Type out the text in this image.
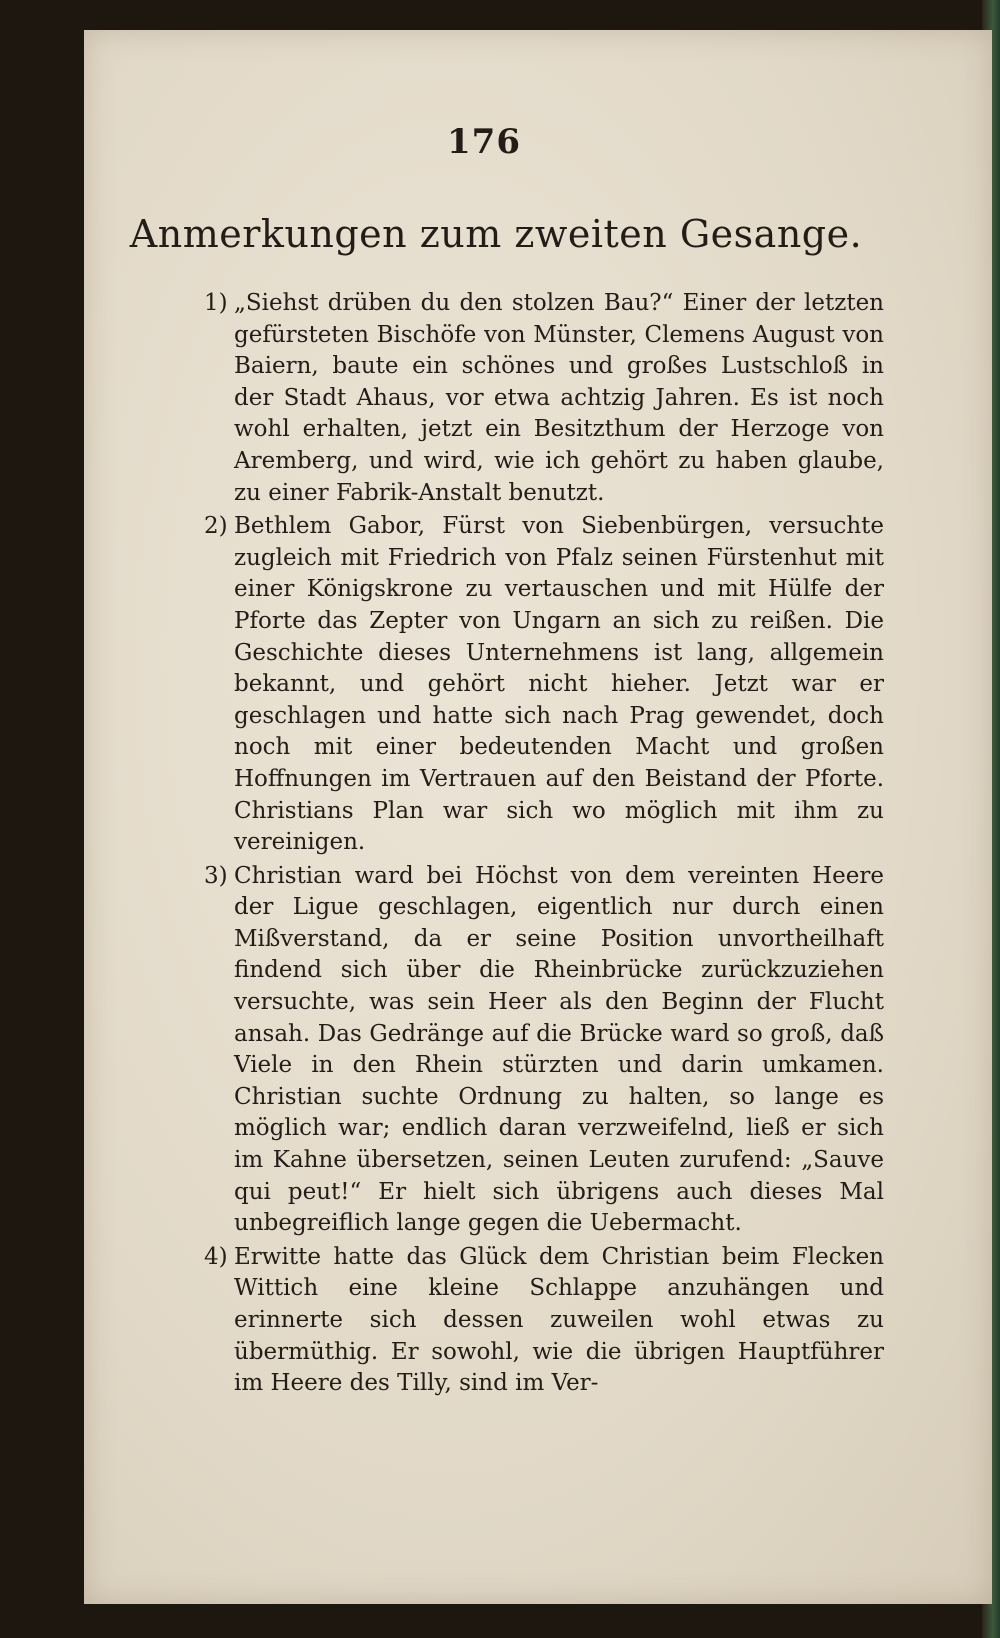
176
Anmerkungen zum zweiten Gesange.
1) „Siehst drüben du den stolzen Bau?“ Einer der letzten gefürsteten Bischöfe von Münster, Clemens August von Baiern, baute ein schönes und großes Lustschloß in der Stadt Ahaus, vor etwa achtzig Jahren. Es ist noch wohl erhalten, jetzt ein Besitzthum der Herzoge von Aremberg, und wird, wie ich gehört zu haben glaube, zu einer Fabrik-Anstalt benutzt.
2) Bethlem Gabor, Fürst von Siebenbürgen, versuchte zugleich mit Friedrich von Pfalz seinen Fürstenhut mit einer Königskrone zu vertauschen und mit Hülfe der Pforte das Zepter von Ungarn an sich zu reißen. Die Geschichte dieses Unternehmens ist lang, allgemein bekannt, und gehört nicht hieher. Jetzt war er geschlagen und hatte sich nach Prag gewendet, doch noch mit einer bedeutenden Macht und großen Hoffnungen im Vertrauen auf den Beistand der Pforte. Christians Plan war sich wo möglich mit ihm zu vereinigen.
3) Christian ward bei Höchst von dem vereinten Heere der Ligue geschlagen, eigentlich nur durch einen Mißverstand, da er seine Position unvortheilhaft findend sich über die Rheinbrücke zurückzuziehen versuchte, was sein Heer als den Beginn der Flucht ansah. Das Gedränge auf die Brücke ward so groß, daß Viele in den Rhein stürzten und darin umkamen. Christian suchte Ordnung zu halten, so lange es möglich war; endlich daran verzweifelnd, ließ er sich im Kahne übersetzen, seinen Leuten zurufend: „Sauve qui peut!“ Er hielt sich übrigens auch dieses Mal unbegreiflich lange gegen die Uebermacht.
4) Erwitte hatte das Glück dem Christian beim Flecken Wittich eine kleine Schlappe anzuhängen und erinnerte sich dessen zuweilen wohl etwas zu übermüthig. Er sowohl, wie die übrigen Hauptführer im Heere des Tilly, sind im Ver-
